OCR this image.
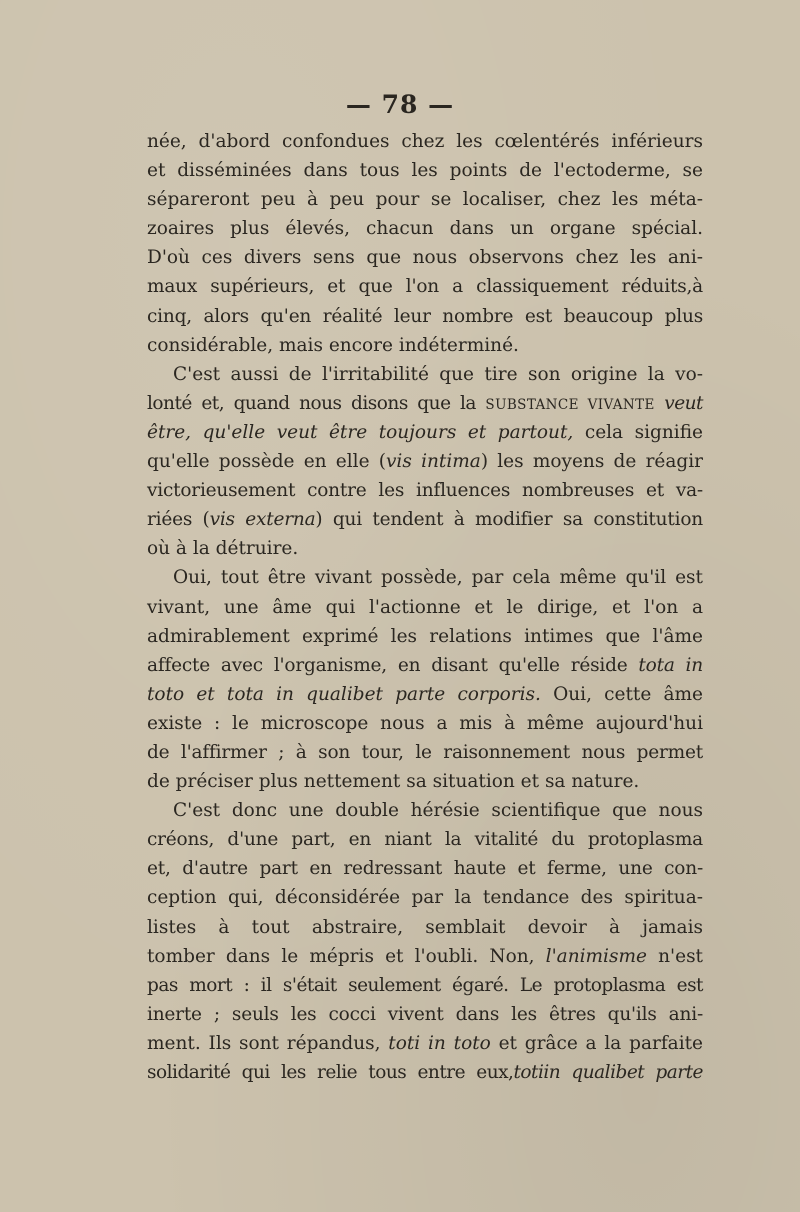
— 78 —
née, d'abord confondues chez les cœlentérés inférieurs
et disséminées dans tous les points de l'ectoderme, se
sépareront peu à peu pour se localiser, chez les méta-
zoaires plus élevés, chacun dans un organe spécial.
D'où ces divers sens que nous observons chez les ani-
maux supérieurs, et que l'on a classiquement réduits,à
cinq, alors qu'en réalité leur nombre est beaucoup plus
considérable, mais encore indéterminé.
C'est aussi de l'irritabilité que tire son origine la vo-
lonté et, quand nous disons que la SUBSTANCE VIVANTE veut
être, qu'elle veut être toujours et partout, cela signifie
qu'elle possède en elle (vis intima) les moyens de réagir
victorieusement contre les influences nombreuses et va-
riées (vis externa) qui tendent à modifier sa constitution
où à la détruire.
Oui, tout être vivant possède, par cela même qu'il est
vivant, une âme qui l'actionne et le dirige, et l'on a
admirablement exprimé les relations intimes que l'âme
affecte avec l'organisme, en disant qu'elle réside tota in
toto et tota in qualibet parte corporis. Oui, cette âme
existe : le microscope nous a mis à même aujourd'hui
de l'affirmer ; à son tour, le raisonnement nous permet
de préciser plus nettement sa situation et sa nature.
C'est donc une double hérésie scientifique que nous
créons, d'une part, en niant la vitalité du protoplasma
et, d'autre part en redressant haute et ferme, une con-
ception qui, déconsidérée par la tendance des spiritua-
listes à tout abstraire, semblait devoir à jamais
tomber dans le mépris et l'oubli. Non, l'animisme n'est
pas mort : il s'était seulement égaré. Le protoplasma est
inerte ; seuls les cocci vivent dans les êtres qu'ils ani-
ment. Ils sont répandus, toti in toto et grâce a la parfaite
solidarité qui les relie tous entre eux,totiin qualibet parte
